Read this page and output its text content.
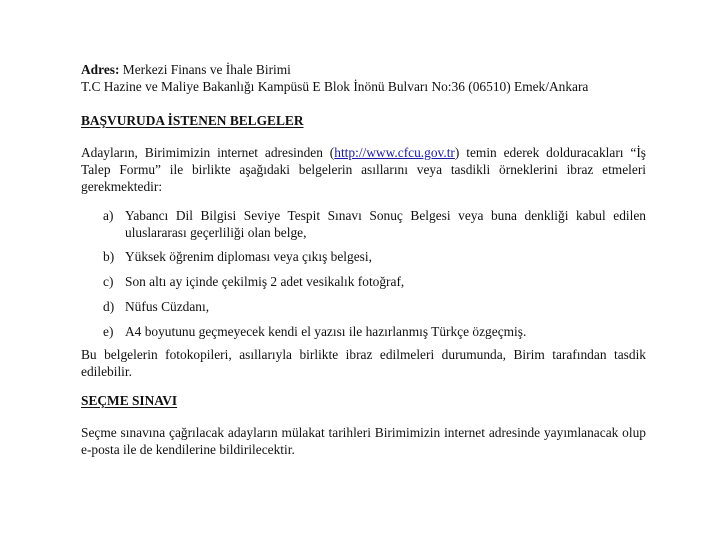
Adres: Merkezi Finans ve İhale Birimi
T.C Hazine ve Maliye Bakanlığı Kampüsü E Blok İnönü Bulvarı No:36 (06510) Emek/Ankara

BAŞVURUDA İSTENEN BELGELER

Adayların, Birimimizin internet adresinden (http://www.cfcu.gov.tr) temin ederek dolduracakları “İş Talep Formu” ile birlikte aşağıdaki belgelerin asıllarını veya tasdikli örneklerini ibraz etmeleri gerekmektedir:

a) Yabancı Dil Bilgisi Seviye Tespit Sınavı Sonuç Belgesi veya buna denkliği kabul edilen uluslararası geçerliliği olan belge,
b) Yüksek öğrenim diploması veya çıkış belgesi,
c) Son altı ay içinde çekilmiş 2 adet vesikalık fotoğraf,
d) Nüfus Cüzdanı,
e) A4 boyutunu geçmeyecek kendi el yazısı ile hazırlanmış Türkçe özgeçmiş.

Bu belgelerin fotokopileri, asıllarıyla birlikte ibraz edilmeleri durumunda, Birim tarafından tasdik edilebilir.

SEÇME SINAVI

Seçme sınavına çağrılacak adayların mülakat tarihleri Birimimizin internet adresinde yayımlanacak olup e-posta ile de kendilerine bildirilecektir.
